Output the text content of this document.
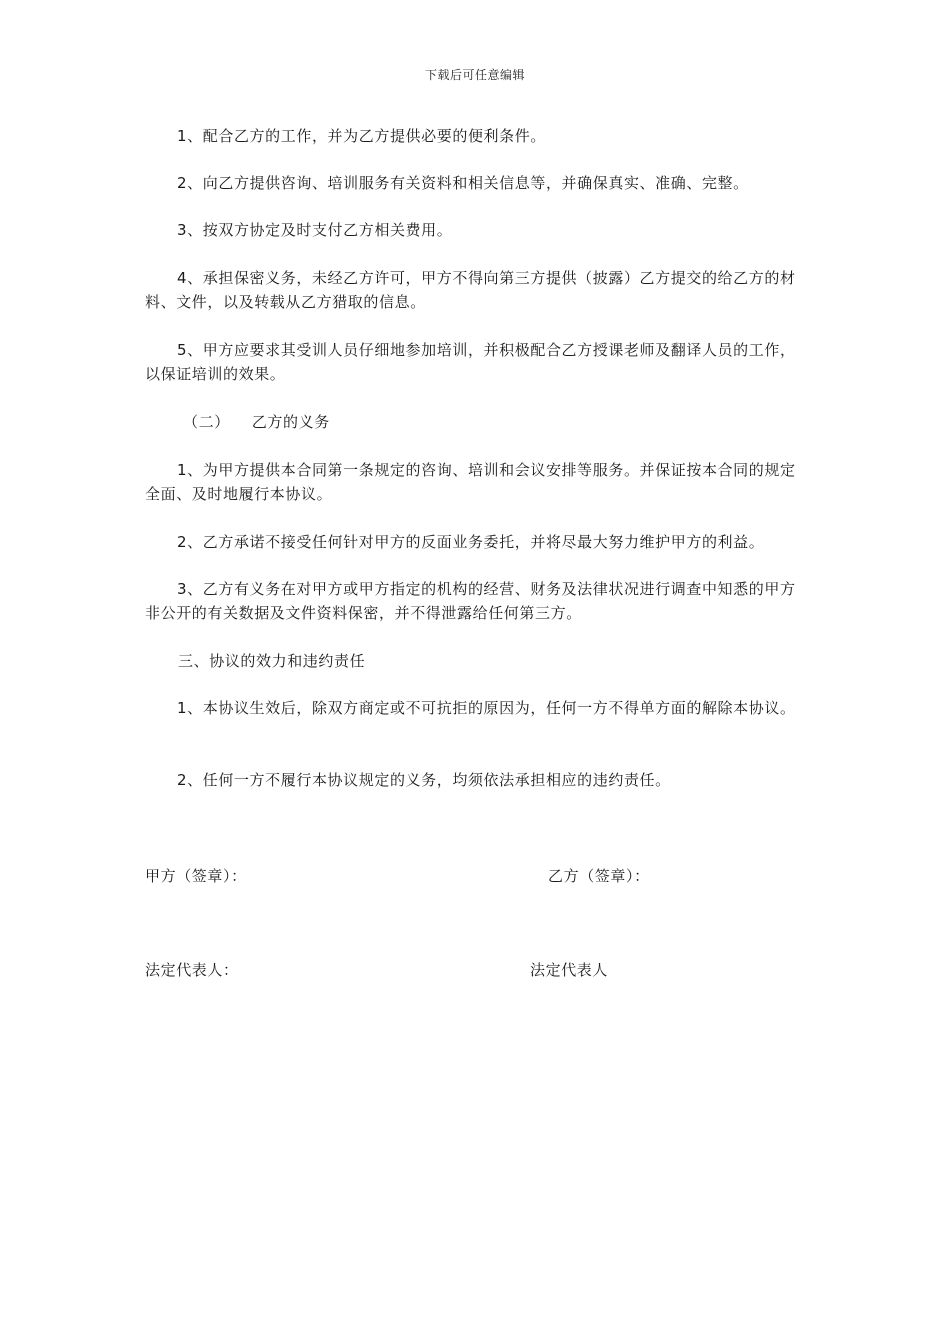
下载后可任意编辑

1、配合乙方的工作，并为乙方提供必要的便利条件。

2、向乙方提供咨询、培训服务有关资料和相关信息等，并确保真实、准确、完整。

3、按双方协定及时支付乙方相关费用。

4、承担保密义务，未经乙方许可，甲方不得向第三方提供（披露）乙方提交的给乙方的材料、文件，以及转载从乙方猎取的信息。

5、甲方应要求其受训人员仔细地参加培训，并积极配合乙方授课老师及翻译人员的工作，以保证培训的效果。

（二） 乙方的义务

1、为甲方提供本合同第一条规定的咨询、培训和会议安排等服务。并保证按本合同的规定全面、及时地履行本协议。

2、乙方承诺不接受任何针对甲方的反面业务委托，并将尽最大努力维护甲方的利益。

3、乙方有义务在对甲方或甲方指定的机构的经营、财务及法律状况进行调查中知悉的甲方非公开的有关数据及文件资料保密，并不得泄露给任何第三方。

三、协议的效力和违约责任

1、本协议生效后，除双方商定或不可抗拒的原因为，任何一方不得单方面的解除本协议。

2、任何一方不履行本协议规定的义务，均须依法承担相应的违约责任。

甲方（签章）：	乙方（签章）：
法定代表人：	法定代表人
